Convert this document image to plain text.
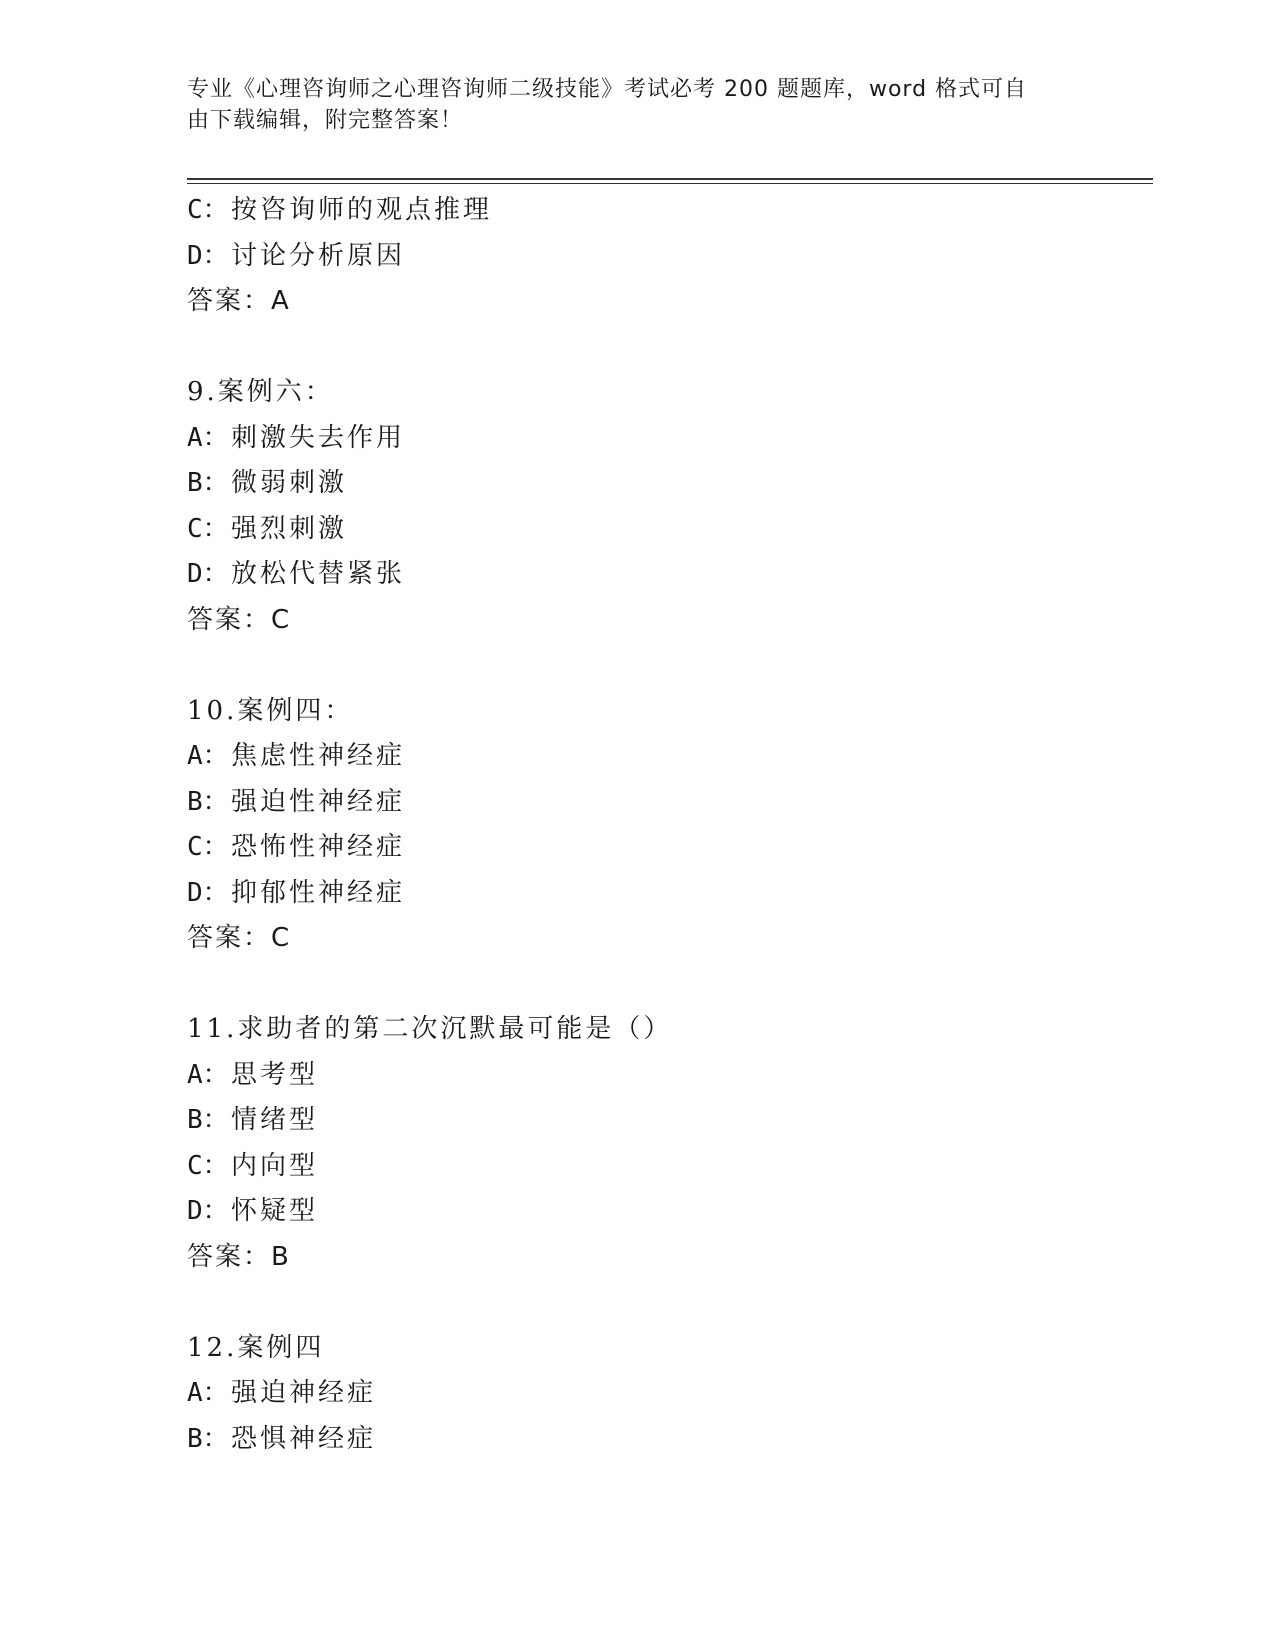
专业《心理咨询师之心理咨询师二级技能》考试必考 200 题题库，word 格式可自
由下载编辑，附完整答案！
C：按咨询师的观点推理
D：讨论分析原因
答案：A
9.案例六：
A：刺激失去作用
B：微弱刺激
C：强烈刺激
D：放松代替紧张
答案：C
10.案例四：
A：焦虑性神经症
B：强迫性神经症
C：恐怖性神经症
D：抑郁性神经症
答案：C
11.求助者的第二次沉默最可能是（）
A：思考型
B：情绪型
C：内向型
D：怀疑型
答案：B
12.案例四
A：强迫神经症
B：恐惧神经症
